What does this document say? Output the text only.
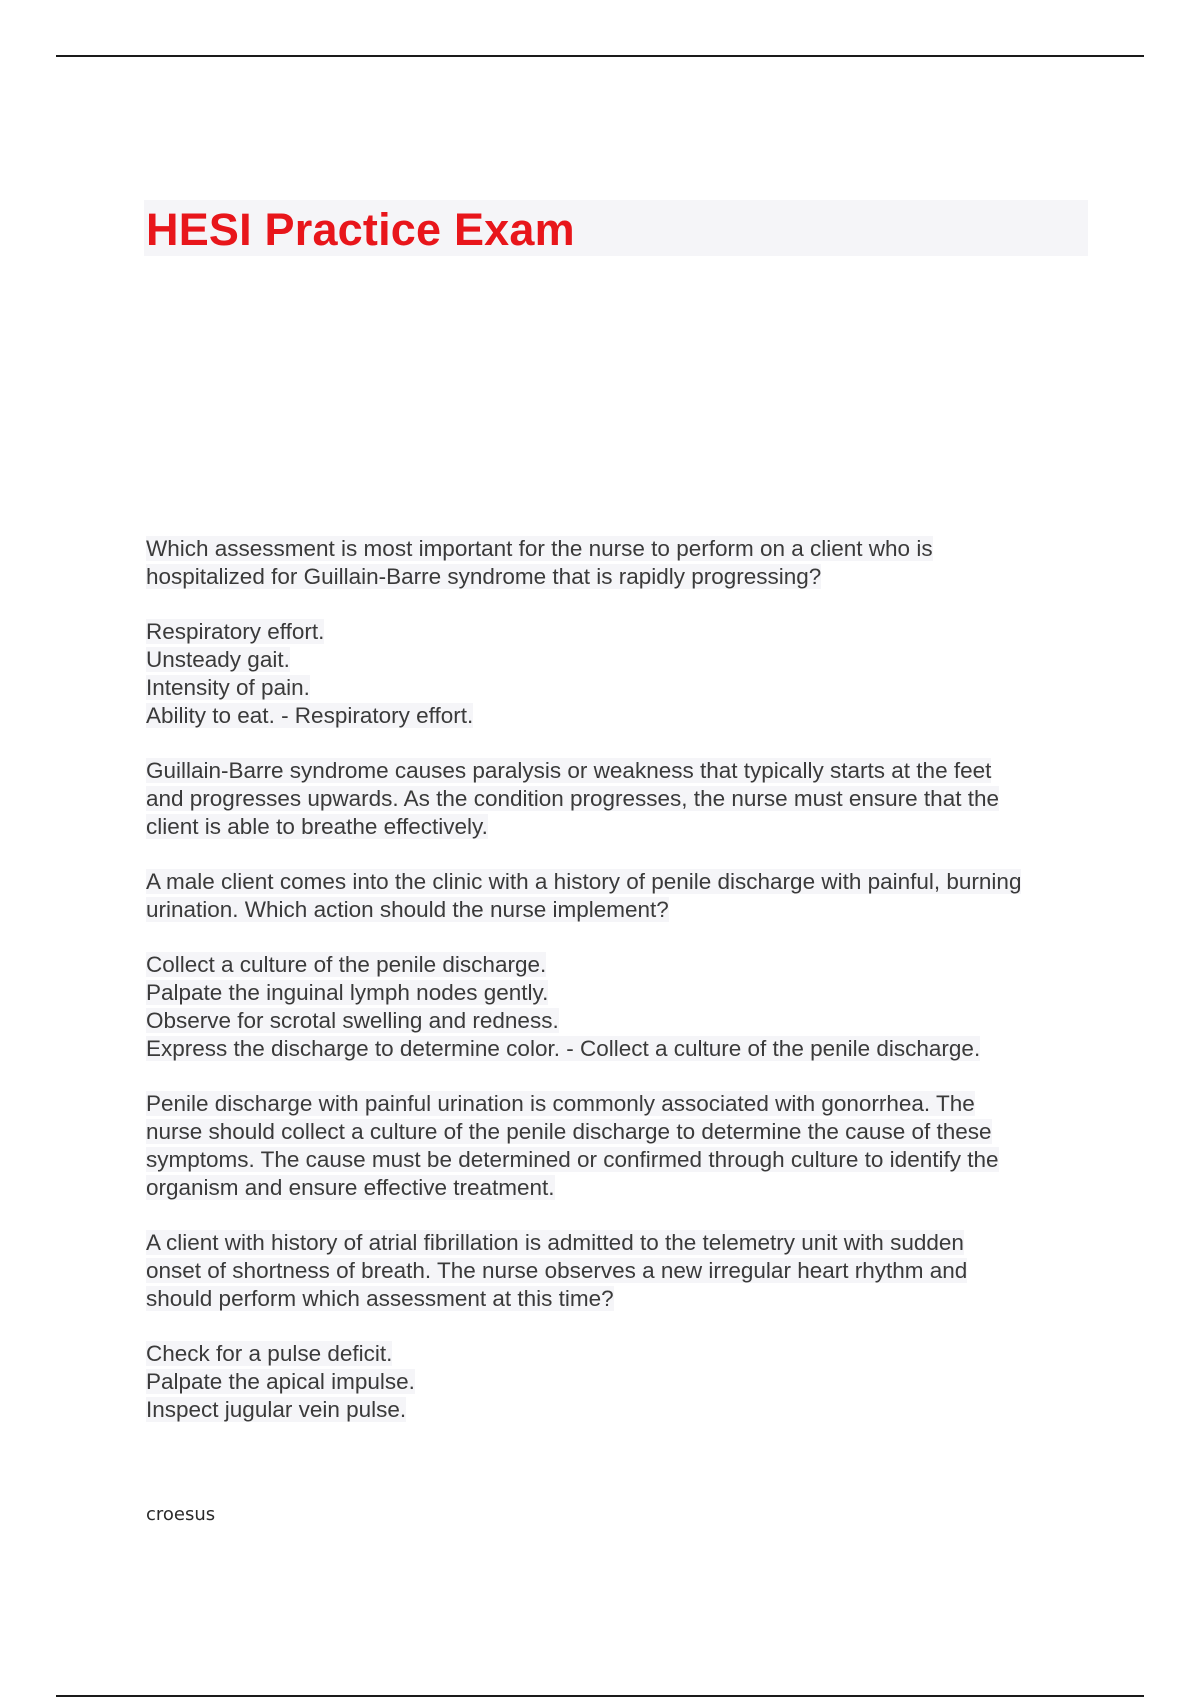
HESI Practice Exam
Which assessment is most important for the nurse to perform on a client who is
hospitalized for Guillain-Barre syndrome that is rapidly progressing?
Respiratory effort.
Unsteady gait.
Intensity of pain.
Ability to eat. - Respiratory effort.
Guillain-Barre syndrome causes paralysis or weakness that typically starts at the feet
and progresses upwards. As the condition progresses, the nurse must ensure that the
client is able to breathe effectively.
A male client comes into the clinic with a history of penile discharge with painful, burning
urination. Which action should the nurse implement?
Collect a culture of the penile discharge.
Palpate the inguinal lymph nodes gently.
Observe for scrotal swelling and redness.
Express the discharge to determine color. - Collect a culture of the penile discharge.
Penile discharge with painful urination is commonly associated with gonorrhea. The
nurse should collect a culture of the penile discharge to determine the cause of these
symptoms. The cause must be determined or confirmed through culture to identify the
organism and ensure effective treatment.
A client with history of atrial fibrillation is admitted to the telemetry unit with sudden
onset of shortness of breath. The nurse observes a new irregular heart rhythm and
should perform which assessment at this time?
Check for a pulse deficit.
Palpate the apical impulse.
Inspect jugular vein pulse.
croesus
